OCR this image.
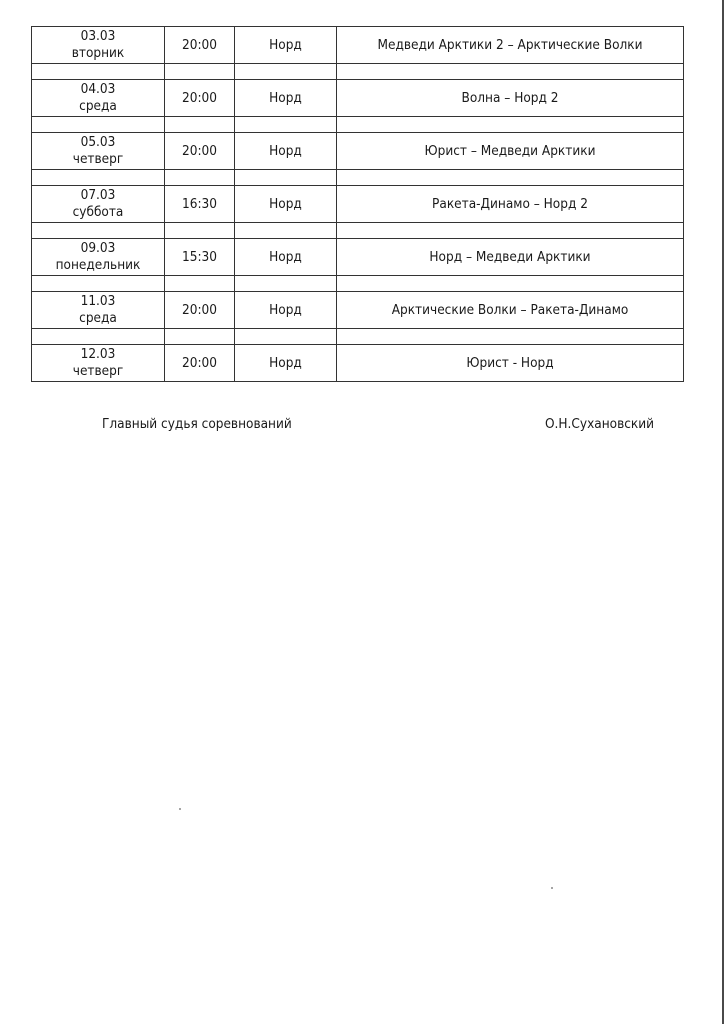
03.03
вторник	20:00	Норд	Медведи Арктики 2 – Арктические Волки

04.03
среда	20:00	Норд	Волна – Норд 2

05.03
четверг	20:00	Норд	Юрист – Медведи Арктики

07.03
суббота	16:30	Норд	Ракета-Динамо – Норд 2

09.03
понедельник	15:30	Норд	Норд – Медведи Арктики

11.03
среда	20:00	Норд	Арктические Волки – Ракета-Динамо

12.03
четверг	20:00	Норд	Юрист - Норд
Главный судья соревнований	О.Н.Сухановский
